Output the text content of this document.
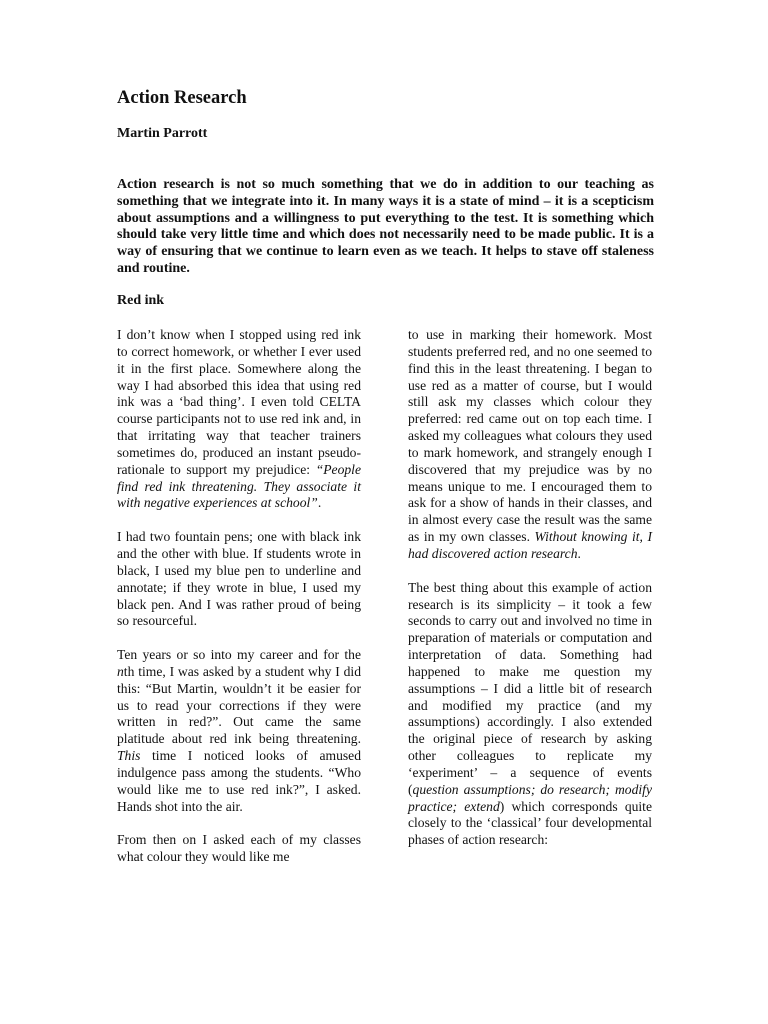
Action Research
Martin Parrott

Action research is not so much something that we do in addition to our teaching as something that we integrate into it. In many ways it is a state of mind – it is a scepticism about assumptions and a willingness to put everything to the test. It is something which should take very little time and which does not necessarily need to be made public. It is a way of ensuring that we continue to learn even as we teach. It helps to stave off staleness and routine.

Red ink

I don’t know when I stopped using red ink to correct homework, or whether I ever used it in the first place. Somewhere along the way I had absorbed this idea that using red ink was a ‘bad thing’. I even told CELTA course participants not to use red ink and, in that irritating way that teacher trainers sometimes do, produced an instant pseudo-rationale to support my prejudice: “People find red ink threatening. They associate it with negative experiences at school”.

I had two fountain pens; one with black ink and the other with blue. If students wrote in black, I used my blue pen to underline and annotate; if they wrote in blue, I used my black pen. And I was rather proud of being so resourceful.

Ten years or so into my career and for the nth time, I was asked by a student why I did this: “But Martin, wouldn’t it be easier for us to read your corrections if they were written in red?”. Out came the same platitude about red ink being threatening. This time I noticed looks of amused indulgence pass among the students. “Who would like me to use red ink?”, I asked. Hands shot into the air.

From then on I asked each of my classes what colour they would like me

to use in marking their homework. Most students preferred red, and no one seemed to find this in the least threatening. I began to use red as a matter of course, but I would still ask my classes which colour they preferred: red came out on top each time. I asked my colleagues what colours they used to mark homework, and strangely enough I discovered that my prejudice was by no means unique to me. I encouraged them to ask for a show of hands in their classes, and in almost every case the result was the same as in my own classes. Without knowing it, I had discovered action research.

The best thing about this example of action research is its simplicity – it took a few seconds to carry out and involved no time in preparation of materials or computation and interpretation of data. Something had happened to make me question my assumptions – I did a little bit of research and modified my practice (and my assumptions) accordingly. I also extended the original piece of research by asking other colleagues to replicate my ‘experiment’ – a sequence of events (question assumptions; do research; modify practice; extend) which corresponds quite closely to the ‘classical’ four developmental phases of action research:
